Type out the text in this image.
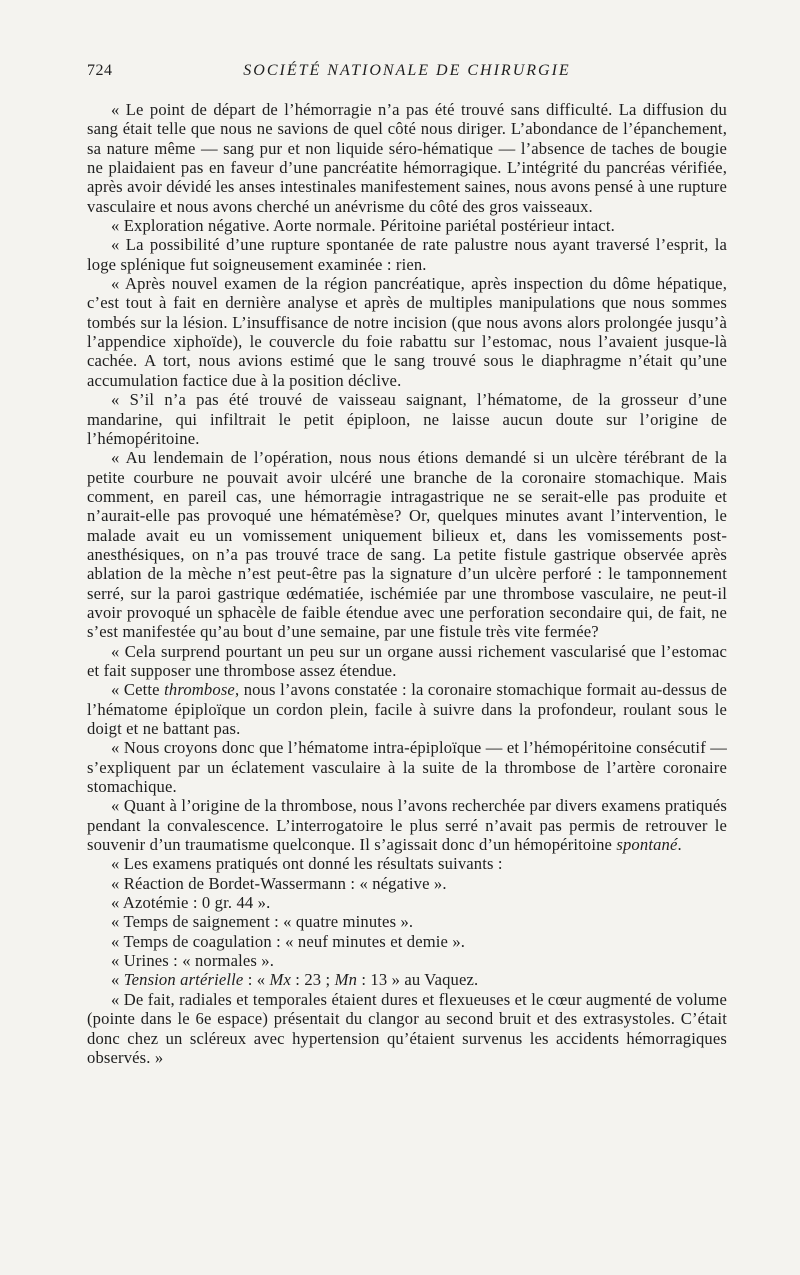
724	SOCIÉTÉ NATIONALE DE CHIRURGIE

« Le point de départ de l’hémorragie n’a pas été trouvé sans difficulté. La diffusion du sang était telle que nous ne savions de quel côté nous diriger. L’abondance de l’épanchement, sa nature même — sang pur et non liquide séro-hématique — l’absence de taches de bougie ne plaidaient pas en faveur d’une pancréatite hémorragique. L’intégrité du pancréas vérifiée, après avoir dévidé les anses intestinales manifestement saines, nous avons pensé à une rupture vasculaire et nous avons cherché un anévrisme du côté des gros vaisseaux.

« Exploration négative. Aorte normale. Péritoine pariétal postérieur intact.

« La possibilité d’une rupture spontanée de rate palustre nous ayant traversé l’esprit, la loge splénique fut soigneusement examinée : rien.

« Après nouvel examen de la région pancréatique, après inspection du dôme hépatique, c’est tout à fait en dernière analyse et après de multiples manipulations que nous sommes tombés sur la lésion. L’insuffisance de notre incision (que nous avons alors prolongée jusqu’à l’appendice xiphoïde), le couvercle du foie rabattu sur l’estomac, nous l’avaient jusque-là cachée. A tort, nous avions estimé que le sang trouvé sous le diaphragme n’était qu’une accumulation factice due à la position déclive.

« S’il n’a pas été trouvé de vaisseau saignant, l’hématome, de la grosseur d’une mandarine, qui infiltrait le petit épiploon, ne laisse aucun doute sur l’origine de l’hémopéritoine.

« Au lendemain de l’opération, nous nous étions demandé si un ulcère térébrant de la petite courbure ne pouvait avoir ulcéré une branche de la coronaire stomachique. Mais comment, en pareil cas, une hémorragie intragastrique ne se serait-elle pas produite et n’aurait-elle pas provoqué une hématémèse? Or, quelques minutes avant l’intervention, le malade avait eu un vomissement uniquement bilieux et, dans les vomissements post-anesthésiques, on n’a pas trouvé trace de sang. La petite fistule gastrique observée après ablation de la mèche n’est peut-être pas la signature d’un ulcère perforé : le tamponnement serré, sur la paroi gastrique œdématiée, ischémiée par une thrombose vasculaire, ne peut-il avoir provoqué un sphacèle de faible étendue avec une perforation secondaire qui, de fait, ne s’est manifestée qu’au bout d’une semaine, par une fistule très vite fermée?

« Cela surprend pourtant un peu sur un organe aussi richement vascularisé que l’estomac et fait supposer une thrombose assez étendue.

« Cette thrombose, nous l’avons constatée : la coronaire stomachique formait au-dessus de l’hématome épiploïque un cordon plein, facile à suivre dans la profondeur, roulant sous le doigt et ne battant pas.

« Nous croyons donc que l’hématome intra-épiploïque — et l’hémopéritoine consécutif — s’expliquent par un éclatement vasculaire à la suite de la thrombose de l’artère coronaire stomachique.

« Quant à l’origine de la thrombose, nous l’avons recherchée par divers examens pratiqués pendant la convalescence. L’interrogatoire le plus serré n’avait pas permis de retrouver le souvenir d’un traumatisme quelconque. Il s’agissait donc d’un hémopéritoine spontané.

« Les examens pratiqués ont donné les résultats suivants :

« Réaction de Bordet-Wassermann : « négative ».

« Azotémie : 0 gr. 44 ».

« Temps de saignement : « quatre minutes ».

« Temps de coagulation : « neuf minutes et demie ».

« Urines : « normales ».

« Tension artérielle : « Mx : 23 ; Mn : 13 » au Vaquez.

« De fait, radiales et temporales étaient dures et flexueuses et le cœur augmenté de volume (pointe dans le 6e espace) présentait du clangor au second bruit et des extrasystoles. C’était donc chez un scléreux avec hypertension qu’étaient survenus les accidents hémorragiques observés. »
